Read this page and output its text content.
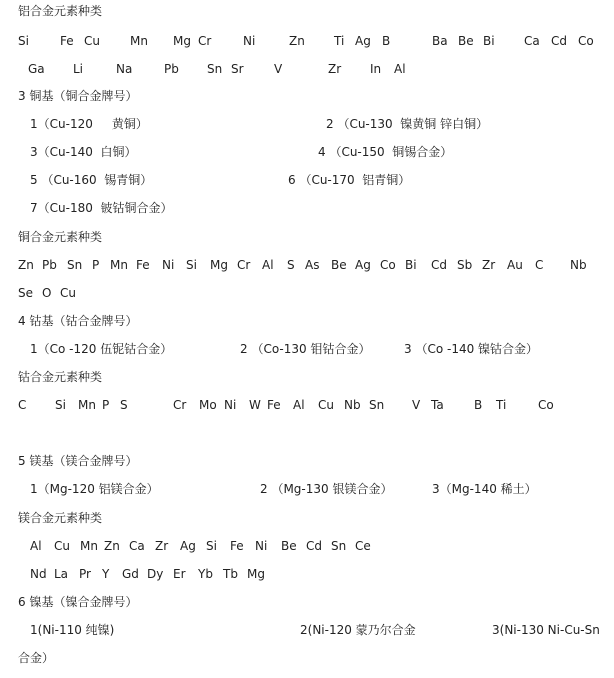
铝合金元素种类
Si	Fe Cu	Mn Mg Cr	Ni	Zn Ti Ag B	Ba Be Bi Ca Cd Co
Ga Li	Na	Pb Sn Sr	V	Zr In Al
3 铜基（铜合金牌号）
1（Cu-120     黄铜）	2 （Cu-130  镍黄铜 锌白铜）
3（Cu-140  白铜）	4 （Cu-150  铜锡合金）
5 （Cu-160  锡青铜）	6 （Cu-170  铝青铜）
7（Cu-180  铍钴铜合金）
铜合金元素种类
Zn Pb Sn P Mn Fe Ni Si Mg Cr Al S As Be Ag Co Bi Cd Sb Zr Au C Nb
Se O Cu
4 钴基（钴合金牌号）
1（Co -120 伍铌钴合金）	2 （Co-130 钼钴合金）	3 （Co -140 镍钴合金）
钴合金元素种类
C Si Mn P S	Cr Mo Ni W Fe Al Cu Nb Sn V Ta	B Ti	Co
5 镁基（镁合金牌号）
1（Mg-120 铝镁合金）	2 （Mg-130 银镁合金）	3（Mg-140 稀土）
镁合金元素种类
Al Cu Mn Zn Ca Zr Ag Si Fe Ni Be Cd Sn Ce
Nd La Pr Y Gd Dy Er Yb Tb Mg
6 镍基（镍合金牌号）
1(Ni-110 纯镍)	2(Ni-120 蒙乃尔合金	3(Ni-130 Ni-Cu-Sn
合金）
